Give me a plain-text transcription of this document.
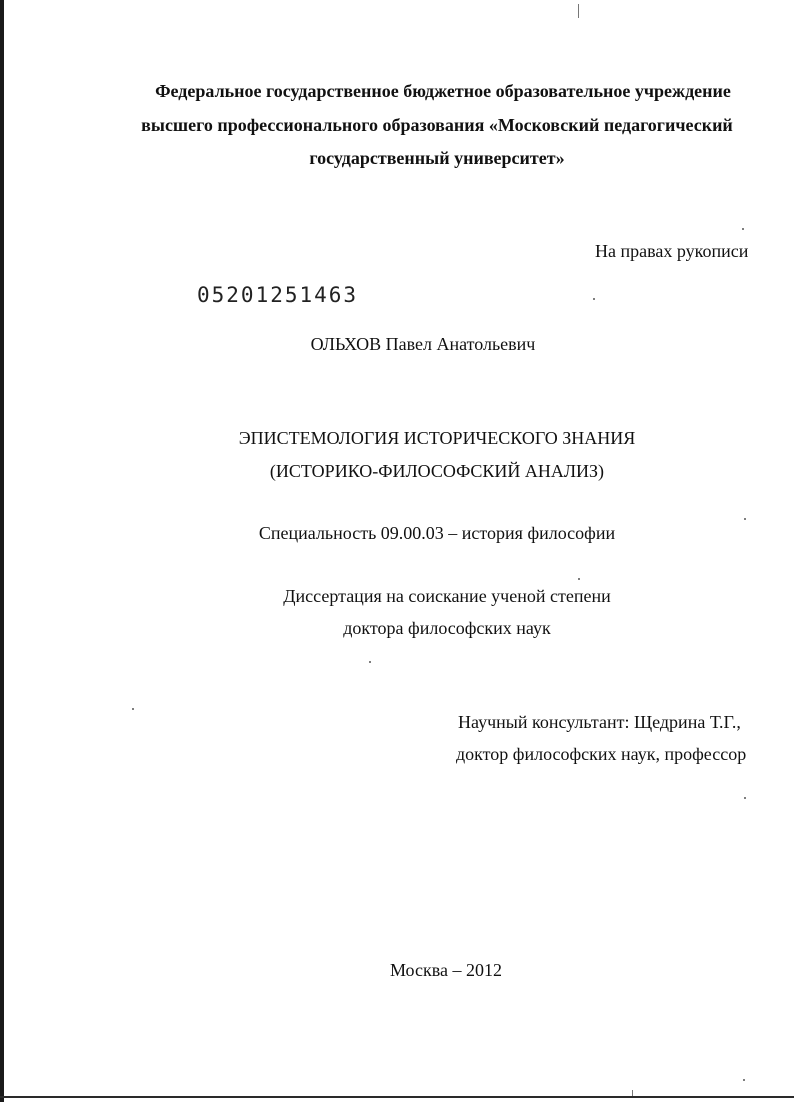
Федеральное государственное бюджетное образовательное учреждение
высшего профессионального образования «Московский педагогический
государственный университет»
На правах рукописи
05201251463
ОЛЬХОВ Павел Анатольевич
ЭПИСТЕМОЛОГИЯ ИСТОРИЧЕСКОГО ЗНАНИЯ
(ИСТОРИКО-ФИЛОСОФСКИЙ АНАЛИЗ)
Специальность 09.00.03 – история философии
Диссертация на соискание ученой степени
доктора философских наук
Научный консультант: Щедрина Т.Г.,
доктор философских наук, профессор
Москва – 2012
